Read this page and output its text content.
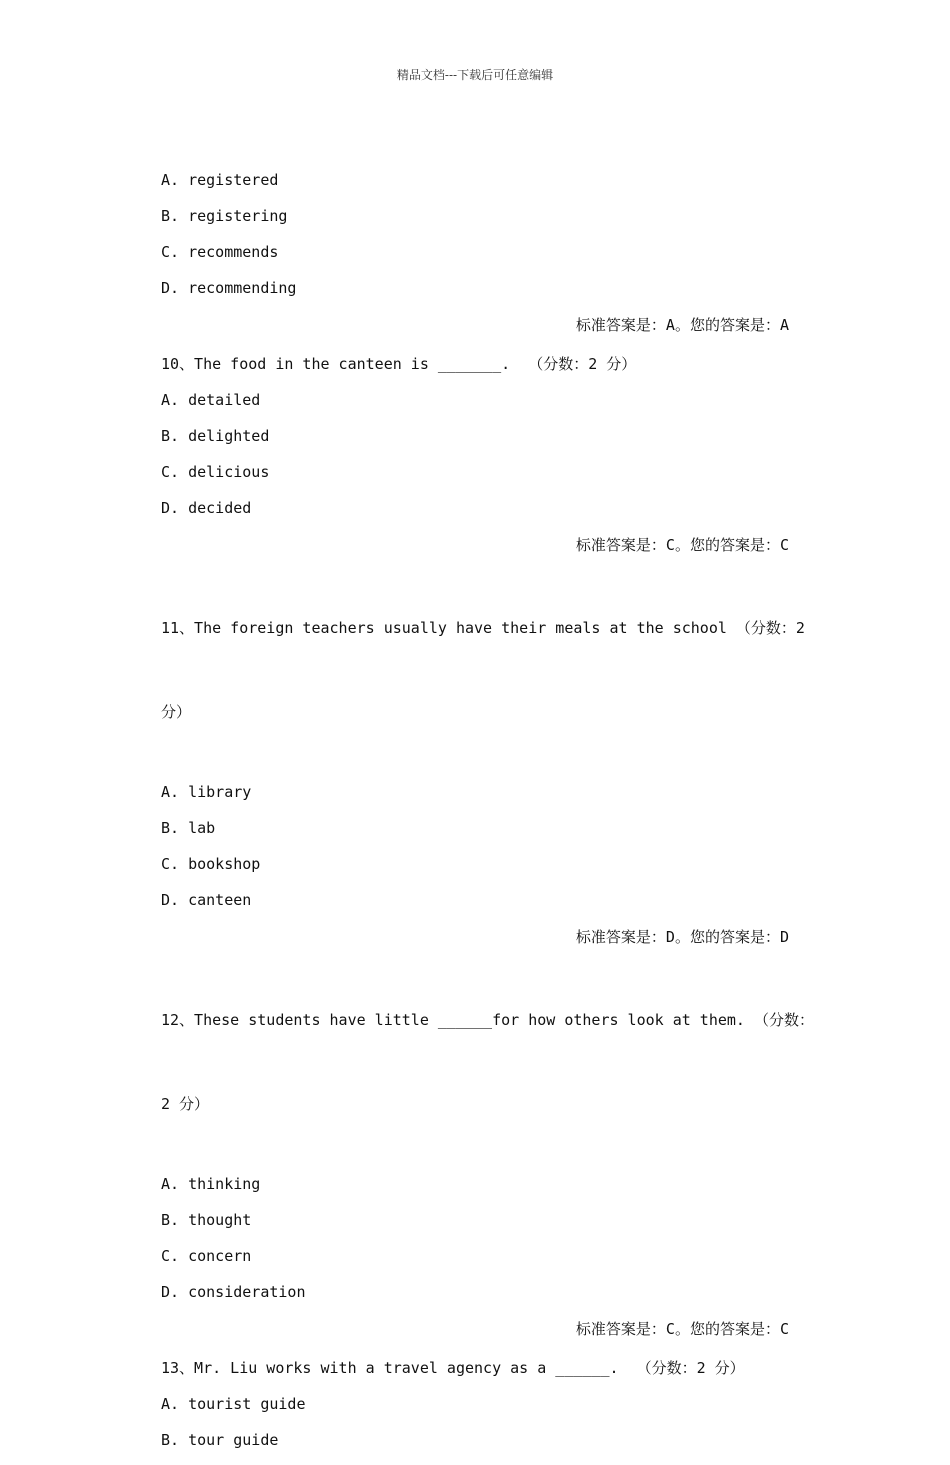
精品文档---下载后可任意编辑
A. registered
B. registering
C. recommends
D. recommending
标准答案是：A。您的答案是：A
10、The food in the canteen is _______.  （分数：2 分）
A. detailed
B. delighted
C. delicious
D. decided
标准答案是：C。您的答案是：C

11、The foreign teachers usually have their meals at the school （分数：2

分）

A. library
B. lab
C. bookshop
D. canteen
标准答案是：D。您的答案是：D

12、These students have little ______for how others look at them. （分数：

2 分）

A. thinking
B. thought
C. concern
D. consideration
标准答案是：C。您的答案是：C
13、Mr. Liu works with a travel agency as a ______.  （分数：2 分）
A. tourist guide
B. tour guide
